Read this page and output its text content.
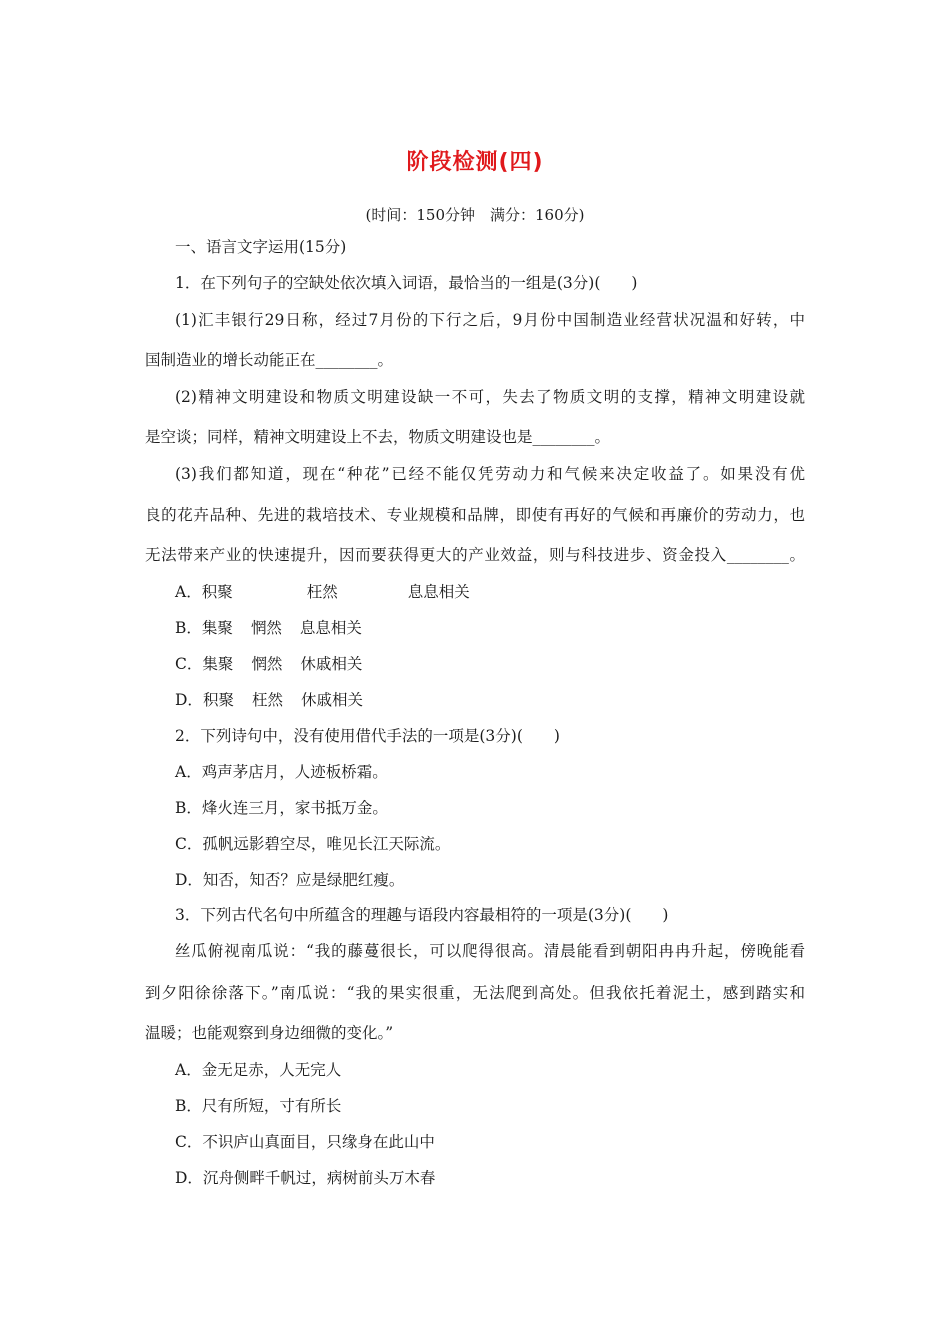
阶段检测(四)
(时间：150分钟　满分：160分)
一、语言文字运用(15分)
1．在下列句子的空缺处依次填入词语，最恰当的一组是(3分)(　　)
(1)汇丰银行29日称，经过7月份的下行之后，9月份中国制造业经营状况温和好转，中
国制造业的增长动能正在________。
(2)精神文明建设和物质文明建设缺一不可，失去了物质文明的支撑，精神文明建设就
是空谈；同样，精神文明建设上不去，物质文明建设也是________。
(3)我们都知道，现在“种花”已经不能仅凭劳动力和气候来决定收益了。如果没有优
良的花卉品种、先进的栽培技术、专业规模和品牌，即使有再好的气候和再廉价的劳动力，也
无法带来产业的快速提升，因而要获得更大的产业效益，则与科技进步、资金投入________。
A．积聚	枉然	息息相关
B．集聚 惘然 息息相关
C．集聚 惘然 休戚相关
D．积聚 枉然 休戚相关
2．下列诗句中，没有使用借代手法的一项是(3分)(　　)
A．鸡声茅店月，人迹板桥霜。
B．烽火连三月，家书抵万金。
C．孤帆远影碧空尽，唯见长江天际流。
D．知否，知否？应是绿肥红瘦。
3．下列古代名句中所蕴含的理趣与语段内容最相符的一项是(3分)(　　)
丝瓜俯视南瓜说：“我的藤蔓很长，可以爬得很高。清晨能看到朝阳冉冉升起，傍晚能看
到夕阳徐徐落下。”南瓜说：“我的果实很重，无法爬到高处。但我依托着泥土，感到踏实和
温暖；也能观察到身边细微的变化。”
A．金无足赤，人无完人
B．尺有所短，寸有所长
C．不识庐山真面目，只缘身在此山中
D．沉舟侧畔千帆过，病树前头万木春
